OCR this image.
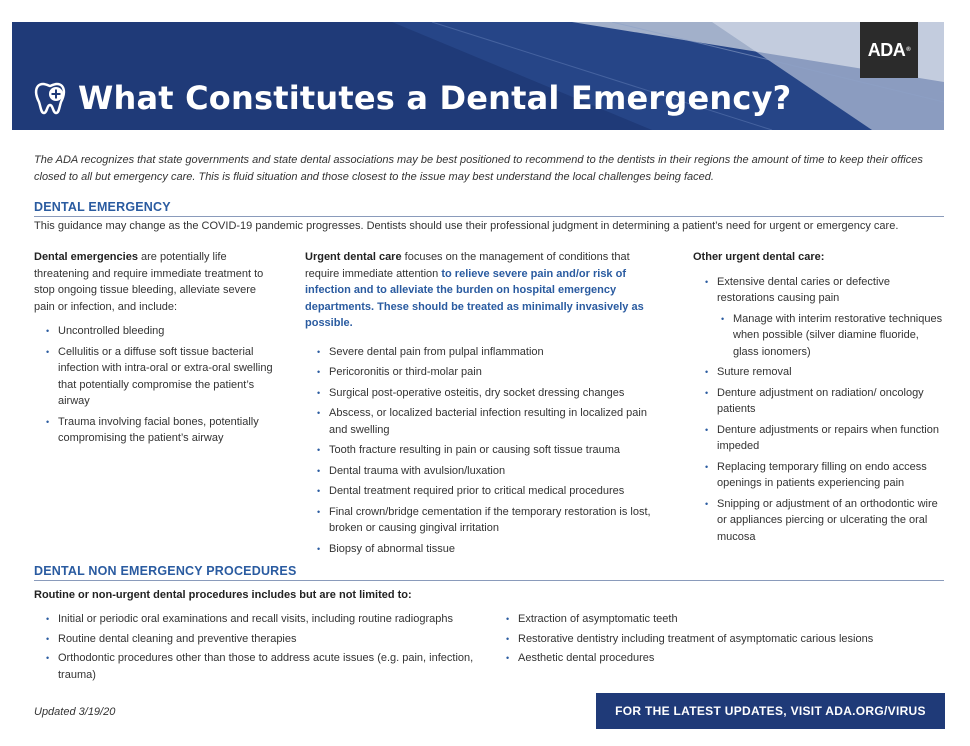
What Constitutes a Dental Emergency?
ADA ®
The ADA recognizes that state governments and state dental associations may be best positioned to recommend to the dentists in their regions the amount of time to keep their offices closed to all but emergency care. This is fluid situation and those closest to the issue may best understand the local challenges being faced.
DENTAL EMERGENCY
This guidance may change as the COVID-19 pandemic progresses. Dentists should use their professional judgment in determining a patient’s need for urgent or emergency care.

Dental emergencies are potentially life threatening and require immediate treatment to stop ongoing tissue bleeding, alleviate severe pain or infection, and include:

• Uncontrolled bleeding
• Cellulitis or a diffuse soft tissue bacterial infection with intra-oral or extra-oral swelling that potentially compromise the patient’s airway
• Trauma involving facial bones, potentially compromising the patient’s airway

Urgent dental care focuses on the management of conditions that require immediate attention to relieve severe pain and/or risk of infection and to alleviate the burden on hospital emergency departments. These should be treated as minimally invasively as possible.

• Severe dental pain from pulpal inflammation
• Pericoronitis or third-molar pain
• Surgical post-operative osteitis, dry socket dressing changes
• Abscess, or localized bacterial infection resulting in localized pain and swelling
• Tooth fracture resulting in pain or causing soft tissue trauma
• Dental trauma with avulsion/luxation
• Dental treatment required prior to critical medical procedures
• Final crown/bridge cementation if the temporary restoration is lost, broken or causing gingival irritation
• Biopsy of abnormal tissue

Other urgent dental care:

• Extensive dental caries or defective restorations causing pain
• Manage with interim restorative techniques when possible (silver diamine fluoride, glass ionomers)
• Suture removal
• Denture adjustment on radiation/ oncology patients
• Denture adjustments or repairs when function impeded
• Replacing temporary filling on endo access openings in patients experiencing pain
• Snipping or adjustment of an orthodontic wire or appliances piercing or ulcerating the oral mucosa
DENTAL NON EMERGENCY PROCEDURES
Routine or non-urgent dental procedures includes but are not limited to:
• Initial or periodic oral examinations and recall visits, including routine radiographs
• Routine dental cleaning and preventive therapies
• Orthodontic procedures other than those to address acute issues (e.g. pain, infection, trauma)
• Extraction of asymptomatic teeth
• Restorative dentistry including treatment of asymptomatic carious lesions
• Aesthetic dental procedures
Updated 3/19/20	FOR THE LATEST UPDATES, VISIT ADA.ORG/VIRUS
